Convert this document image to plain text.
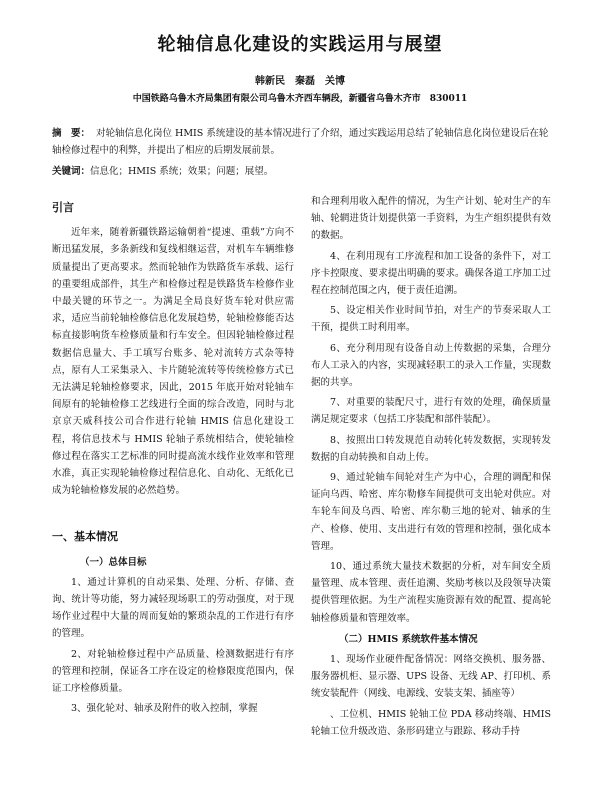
轮轴信息化建设的实践运用与展望
韩新民　秦磊　关博
中国铁路乌鲁木齐局集团有限公司乌鲁木齐西车辆段，新疆省乌鲁木齐市　830011
摘　要： 对轮轴信息化岗位 HMIS 系统建设的基本情况进行了介绍，通过实践运用总结了轮轴信息化岗位建设后在轮轴检修过程中的利弊，并提出了相应的后期发展前景。
关键词：信息化；HMIS 系统；效果；问题；展望。
引言

近年来，随着新疆铁路运输朝着“提速、重载”方向不断迅猛发展，多条新线和复线相继运营，对机车车辆维修质量提出了更高要求。然而轮轴作为铁路货车承载、运行的重要组成部件，其生产和检修过程是铁路货车检修作业中最关键的环节之一。为满足全局良好货车轮对供应需求，适应当前轮轴检修信息化发展趋势，轮轴检修能否达标直接影响货车检修质量和行车安全。但因轮轴检修过程数据信息量大、手工填写台账多、轮对流转方式杂等特点，原有人工采集录入、卡片随轮流转等传统检修方式已无法满足轮轴检修要求，因此，2015 年底开始对轮轴车间原有的轮轴检修工艺线进行全面的综合改造，同时与北京京天威科技公司合作进行轮轴 HMIS 信息化建设工程，将信息技术与 HMIS 轮轴子系统相结合，使轮轴检修过程在落实工艺标准的同时提高流水线作业效率和管理水准，真正实现轮轴检修过程信息化、自动化、无纸化已成为轮轴检修发展的必然趋势。

一、基本情况
（一）总体目标

1、通过计算机的自动采集、处理、分析、存储、查询、统计等功能，努力减轻现场职工的劳动强度，对于现场作业过程中大量的周而复始的繁琐杂乱的工作进行有序的管理。

2、对轮轴检修过程中产品质量、检测数据进行有序的管理和控制，保证各工序在设定的检修限度范围内，保证工序检修质量。

3、强化轮对、轴承及附件的收入控制，掌握

和合理利用收入配件的情况，为生产计划、轮对生产的车轴、轮辋进货计划提供第一手资料，为生产组织提供有效的数据。

4、在利用现有工序流程和加工设备的条件下，对工序卡控限度、要求提出明确的要求。确保各道工序加工过程在控制范围之内，便于责任追溯。

5、设定相关作业时间节拍，对生产的节奏采取人工干预，提供工时利用率。

6、充分利用现有设备自动上传数据的采集，合理分布人工录入的内容，实现减轻职工的录入工作量，实现数据的共享。

7、对重要的装配尺寸，进行有效的处理，确保质量满足规定要求（包括工序装配和部件装配）。

8、按照出口转发规范自动转化转发数据，实现转发数据的自动转换和自动上传。

9、通过轮轴车间轮对生产为中心，合理的调配和保证向乌西、哈密、库尔勒修车间提供可支出轮对供应。对车轮车间及乌西、哈密、库尔勒三地的轮对、轴承的生产、检修、使用、支出进行有效的管理和控制，强化成本管理。

10、通过系统大量技术数据的分析，对车间安全质量管理、成本管理、责任追溯、奖励考核以及段领导决策提供管理依据。为生产流程实施资源有效的配置、提高轮轴检修质量和管理效率。

（二）HMIS 系统软件基本情况

1、现场作业硬件配备情况：网络交换机、服务器、服务器机柜、显示器、UPS 设备、无线 AP、打印机、系统安装配件（网线、电源线、安装支架、插座等）

、工位机、HMIS 轮轴工位 PDA 移动终端、HMIS 轮轴工位升级改造、条形码建立与跟踪、移动手持
